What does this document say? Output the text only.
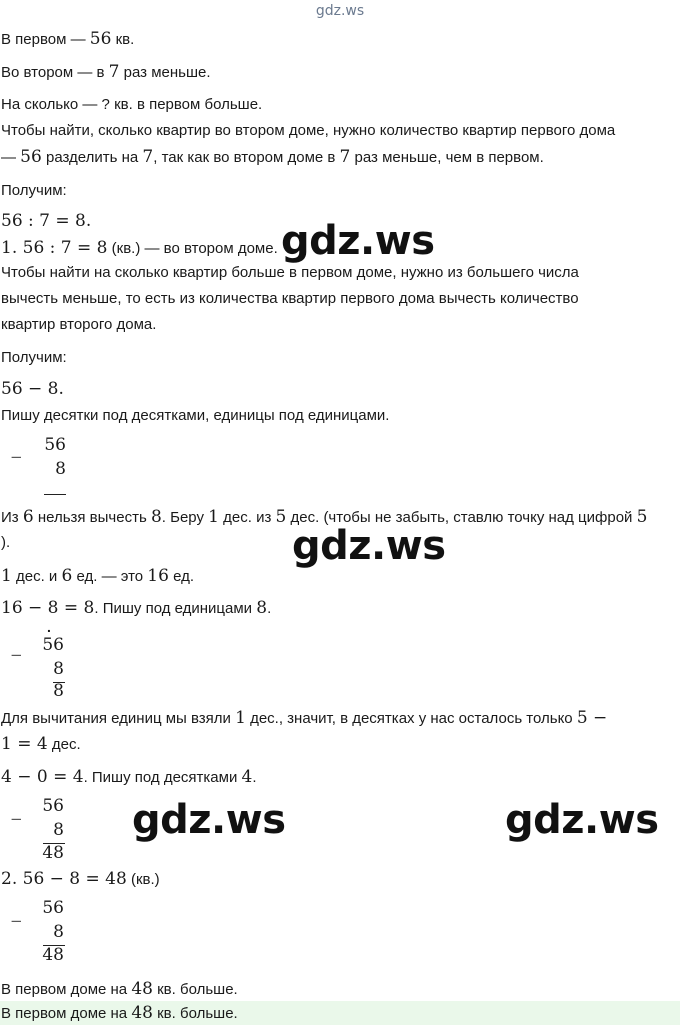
gdz.ws
В первом — 56 кв.
Во втором — в 7 раз меньше.
На сколько — ? кв. в первом больше.
Чтобы найти, сколько квартир во втором доме, нужно количество квартир первого дома
— 56 разделить на 7, так как во втором доме в 7 раз меньше, чем в первом.
Получим:
56 : 7 = 8.
1. 56 : 7 = 8 (кв.) — во втором доме.
Чтобы найти на сколько квартир больше в первом доме, нужно из большего числа
вычесть меньше, то есть из количества квартир первого дома вычесть количество
квартир второго дома.
Получим:
56 − 8.
Пишу десятки под десятками, единицы под единицами.
−
56
8
Из 6 нельзя вычесть 8. Беру 1 дес. из 5 дес. (чтобы не забыть, ставлю точку над цифрой 5
).
1 дес. и 6 ед. — это 16 ед.
16 − 8 = 8. Пишу под единицами 8.
.
− 56
8
8
Для вычитания единиц мы взяли 1 дес., значит, в десятках у нас осталось только 5 −
1 = 4 дес.
4 − 0 = 4. Пишу под десятками 4.
−
56
8
48
2. 56 − 8 = 48 (кв.)
−
56
8
48
В первом доме на 48 кв. больше.
В первом доме на 48 кв. больше.
gdz.ws
gdz.ws
gdz.ws	gdz.ws
